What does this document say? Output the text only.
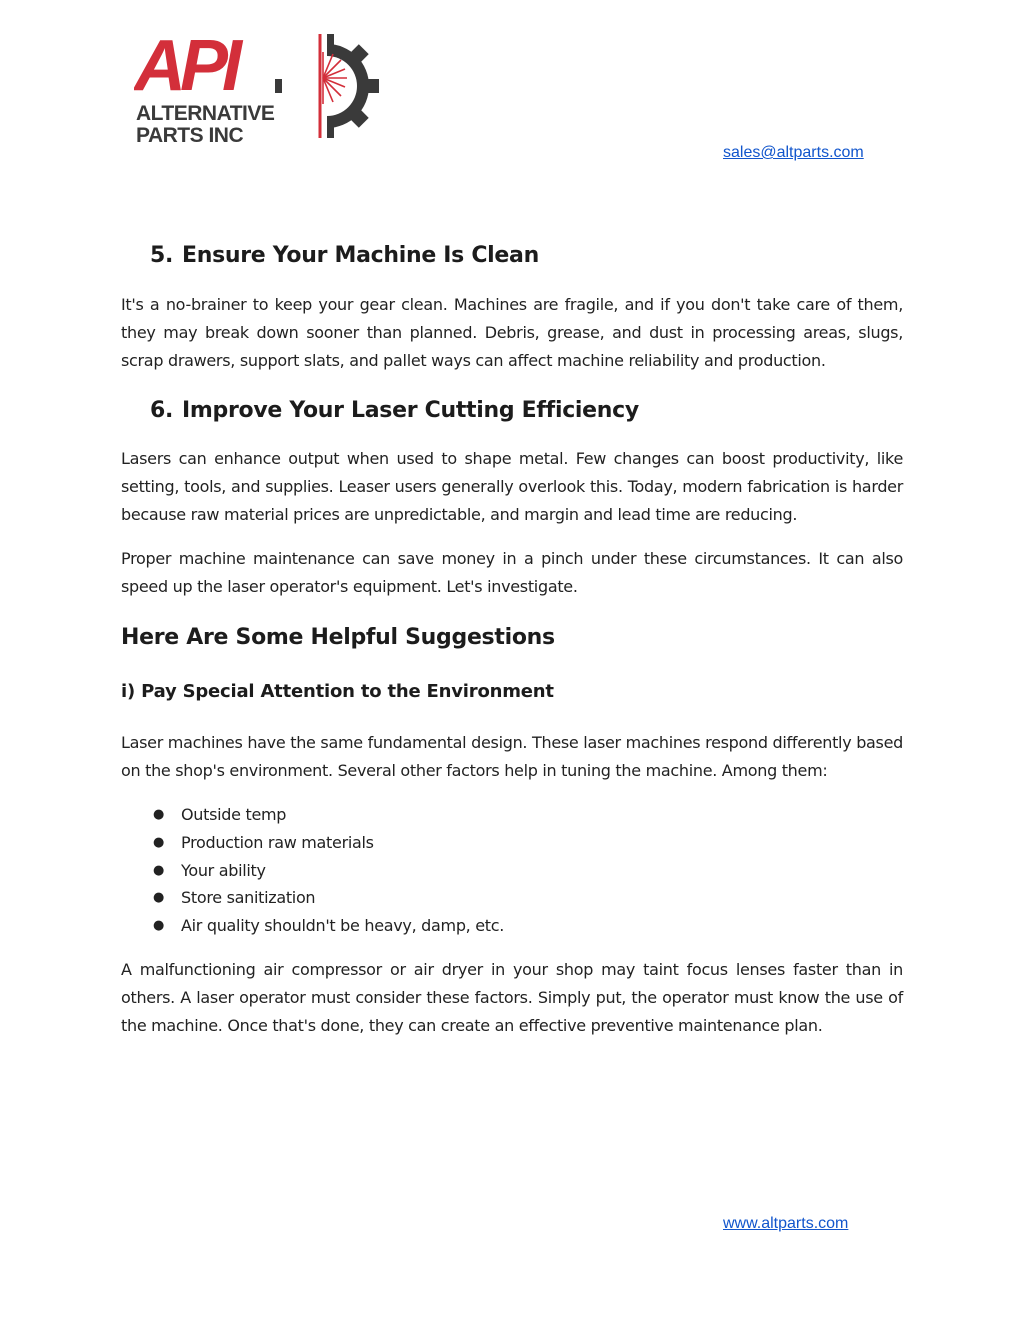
API
ALTERNATIVE
PARTS INC
sales@altparts.com
5. Ensure Your Machine Is Clean

It's a no-brainer to keep your gear clean. Machines are fragile, and if you don't take care of them, they may break down sooner than planned. Debris, grease, and dust in processing areas, slugs, scrap drawers, support slats, and pallet ways can affect machine reliability and production.

6. Improve Your Laser Cutting Efficiency

Lasers can enhance output when used to shape metal. Few changes can boost productivity, like setting, tools, and supplies. Leaser users generally overlook this. Today, modern fabrication is harder because raw material prices are unpredictable, and margin and lead time are reducing.

Proper machine maintenance can save money in a pinch under these circumstances. It can also speed up the laser operator's equipment. Let's investigate.

Here Are Some Helpful Suggestions
i) Pay Special Attention to the Environment

Laser machines have the same fundamental design. These laser machines respond differently based on the shop's environment. Several other factors help in tuning the machine. Among them:

● Outside temp
● Production raw materials
● Your ability
● Store sanitization
● Air quality shouldn't be heavy, damp, etc.

A malfunctioning air compressor or air dryer in your shop may taint focus lenses faster than in others. A laser operator must consider these factors. Simply put, the operator must know the use of the machine. Once that's done, they can create an effective preventive maintenance plan.

www.altparts.com
